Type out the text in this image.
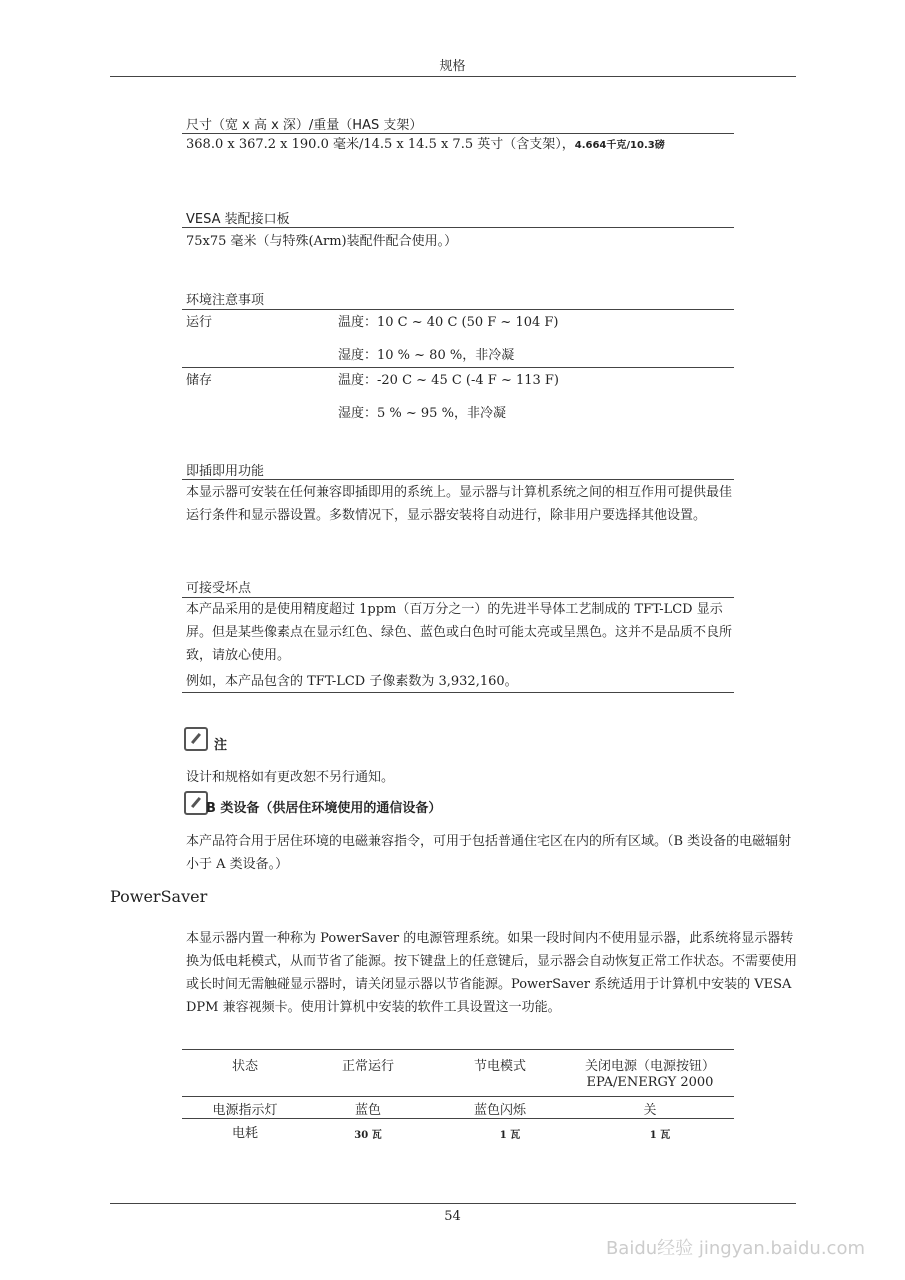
规格
尺寸（宽 x 高 x 深）/重量（HAS 支架）
368.0 x 367.2 x 190.0 毫米/14.5 x 14.5 x 7.5 英寸（含支架），4.664千克/10.3磅
VESA 装配接口板
75x75 毫米（与特殊(Arm)装配件配合使用。）
环境注意事项
运行	温度：10 C ~ 40 C (50 F ~ 104 F)
湿度：10 % ~ 80 %，非冷凝
储存	温度：-20 C ~ 45 C (-4 F ~ 113 F)
湿度：5 % ~ 95 %，非冷凝
即插即用功能
本显示器可安装在任何兼容即插即用的系统上。显示器与计算机系统之间的相互作用可提供最佳运行条件和显示器设置。多数情况下，显示器安装将自动进行，除非用户要选择其他设置。
可接受坏点
本产品采用的是使用精度超过 1ppm（百万分之一）的先进半导体工艺制成的 TFT-LCD 显示屏。但是某些像素点在显示红色、绿色、蓝色或白色时可能太亮或呈黑色。这并不是品质不良所致，请放心使用。
例如，本产品包含的 TFT-LCD 子像素数为 3,932,160。
注
设计和规格如有更改恕不另行通知。
B 类设备（供居住环境使用的通信设备）
本产品符合用于居住环境的电磁兼容指令，可用于包括普通住宅区在内的所有区域。（B 类设备的电磁辐射小于 A 类设备。）
PowerSaver
本显示器内置一种称为 PowerSaver 的电源管理系统。如果一段时间内不使用显示器，此系统将显示器转换为低电耗模式，从而节省了能源。按下键盘上的任意键后，显示器会自动恢复正常工作状态。不需要使用或长时间无需触碰显示器时，请关闭显示器以节省能源。PowerSaver 系统适用于计算机中安装的 VESA DPM 兼容视频卡。使用计算机中安装的软件工具设置这一功能。
状态	正常运行	节电模式	关闭电源（电源按钮）
EPA/ENERGY 2000
电源指示灯	蓝色	蓝色闪烁	关
电耗	30 瓦	1 瓦	1 瓦
54
Baidu经验 jingyan.baidu.com
